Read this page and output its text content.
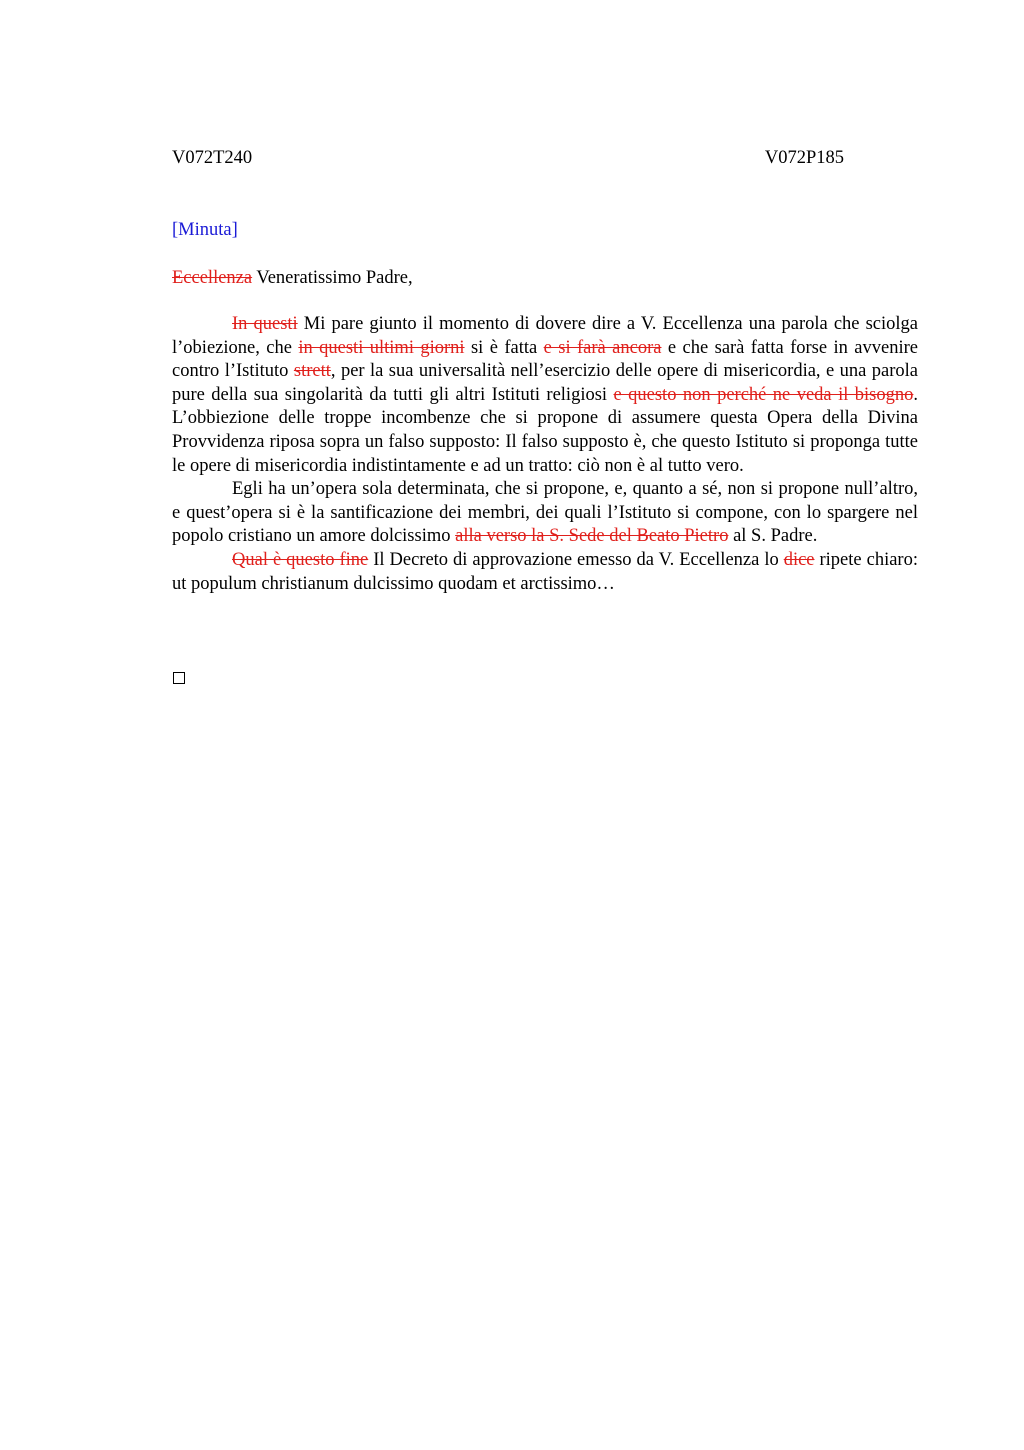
V072T240	V072P185
[Minuta]
Eccellenza Veneratissimo Padre,

In questi Mi pare giunto il momento di dovere dire a V. Eccellenza una parola che sciolga l’obiezione, che in questi ultimi giorni si è fatta e si farà ancora e che sarà fatta forse in avvenire contro l’Istituto strett, per la sua universalità nell’esercizio delle opere di misericordia, e una parola pure della sua singolarità da tutti gli altri Istituti religiosi e questo non perché ne veda il bisogno. L’obbiezione delle troppe incombenze che si propone di assumere questa Opera della Divina Provvidenza riposa sopra un falso supposto: Il falso supposto è, che questo Istituto si proponga tutte le opere di misericordia indistintamente e ad un tratto: ciò non è al tutto vero.

Egli ha un’opera sola determinata, che si propone, e, quanto a sé, non si propone null’altro, e quest’opera si è la santificazione dei membri, dei quali l’Istituto si compone, con lo spargere nel popolo cristiano un amore dolcissimo alla verso la S. Sede del Beato Pietro al S. Padre.

Qual è questo fine Il Decreto di approvazione emesso da V. Eccellenza lo dice ripete chiaro: ut populum christianum dulcissimo quodam et arctissimo…
